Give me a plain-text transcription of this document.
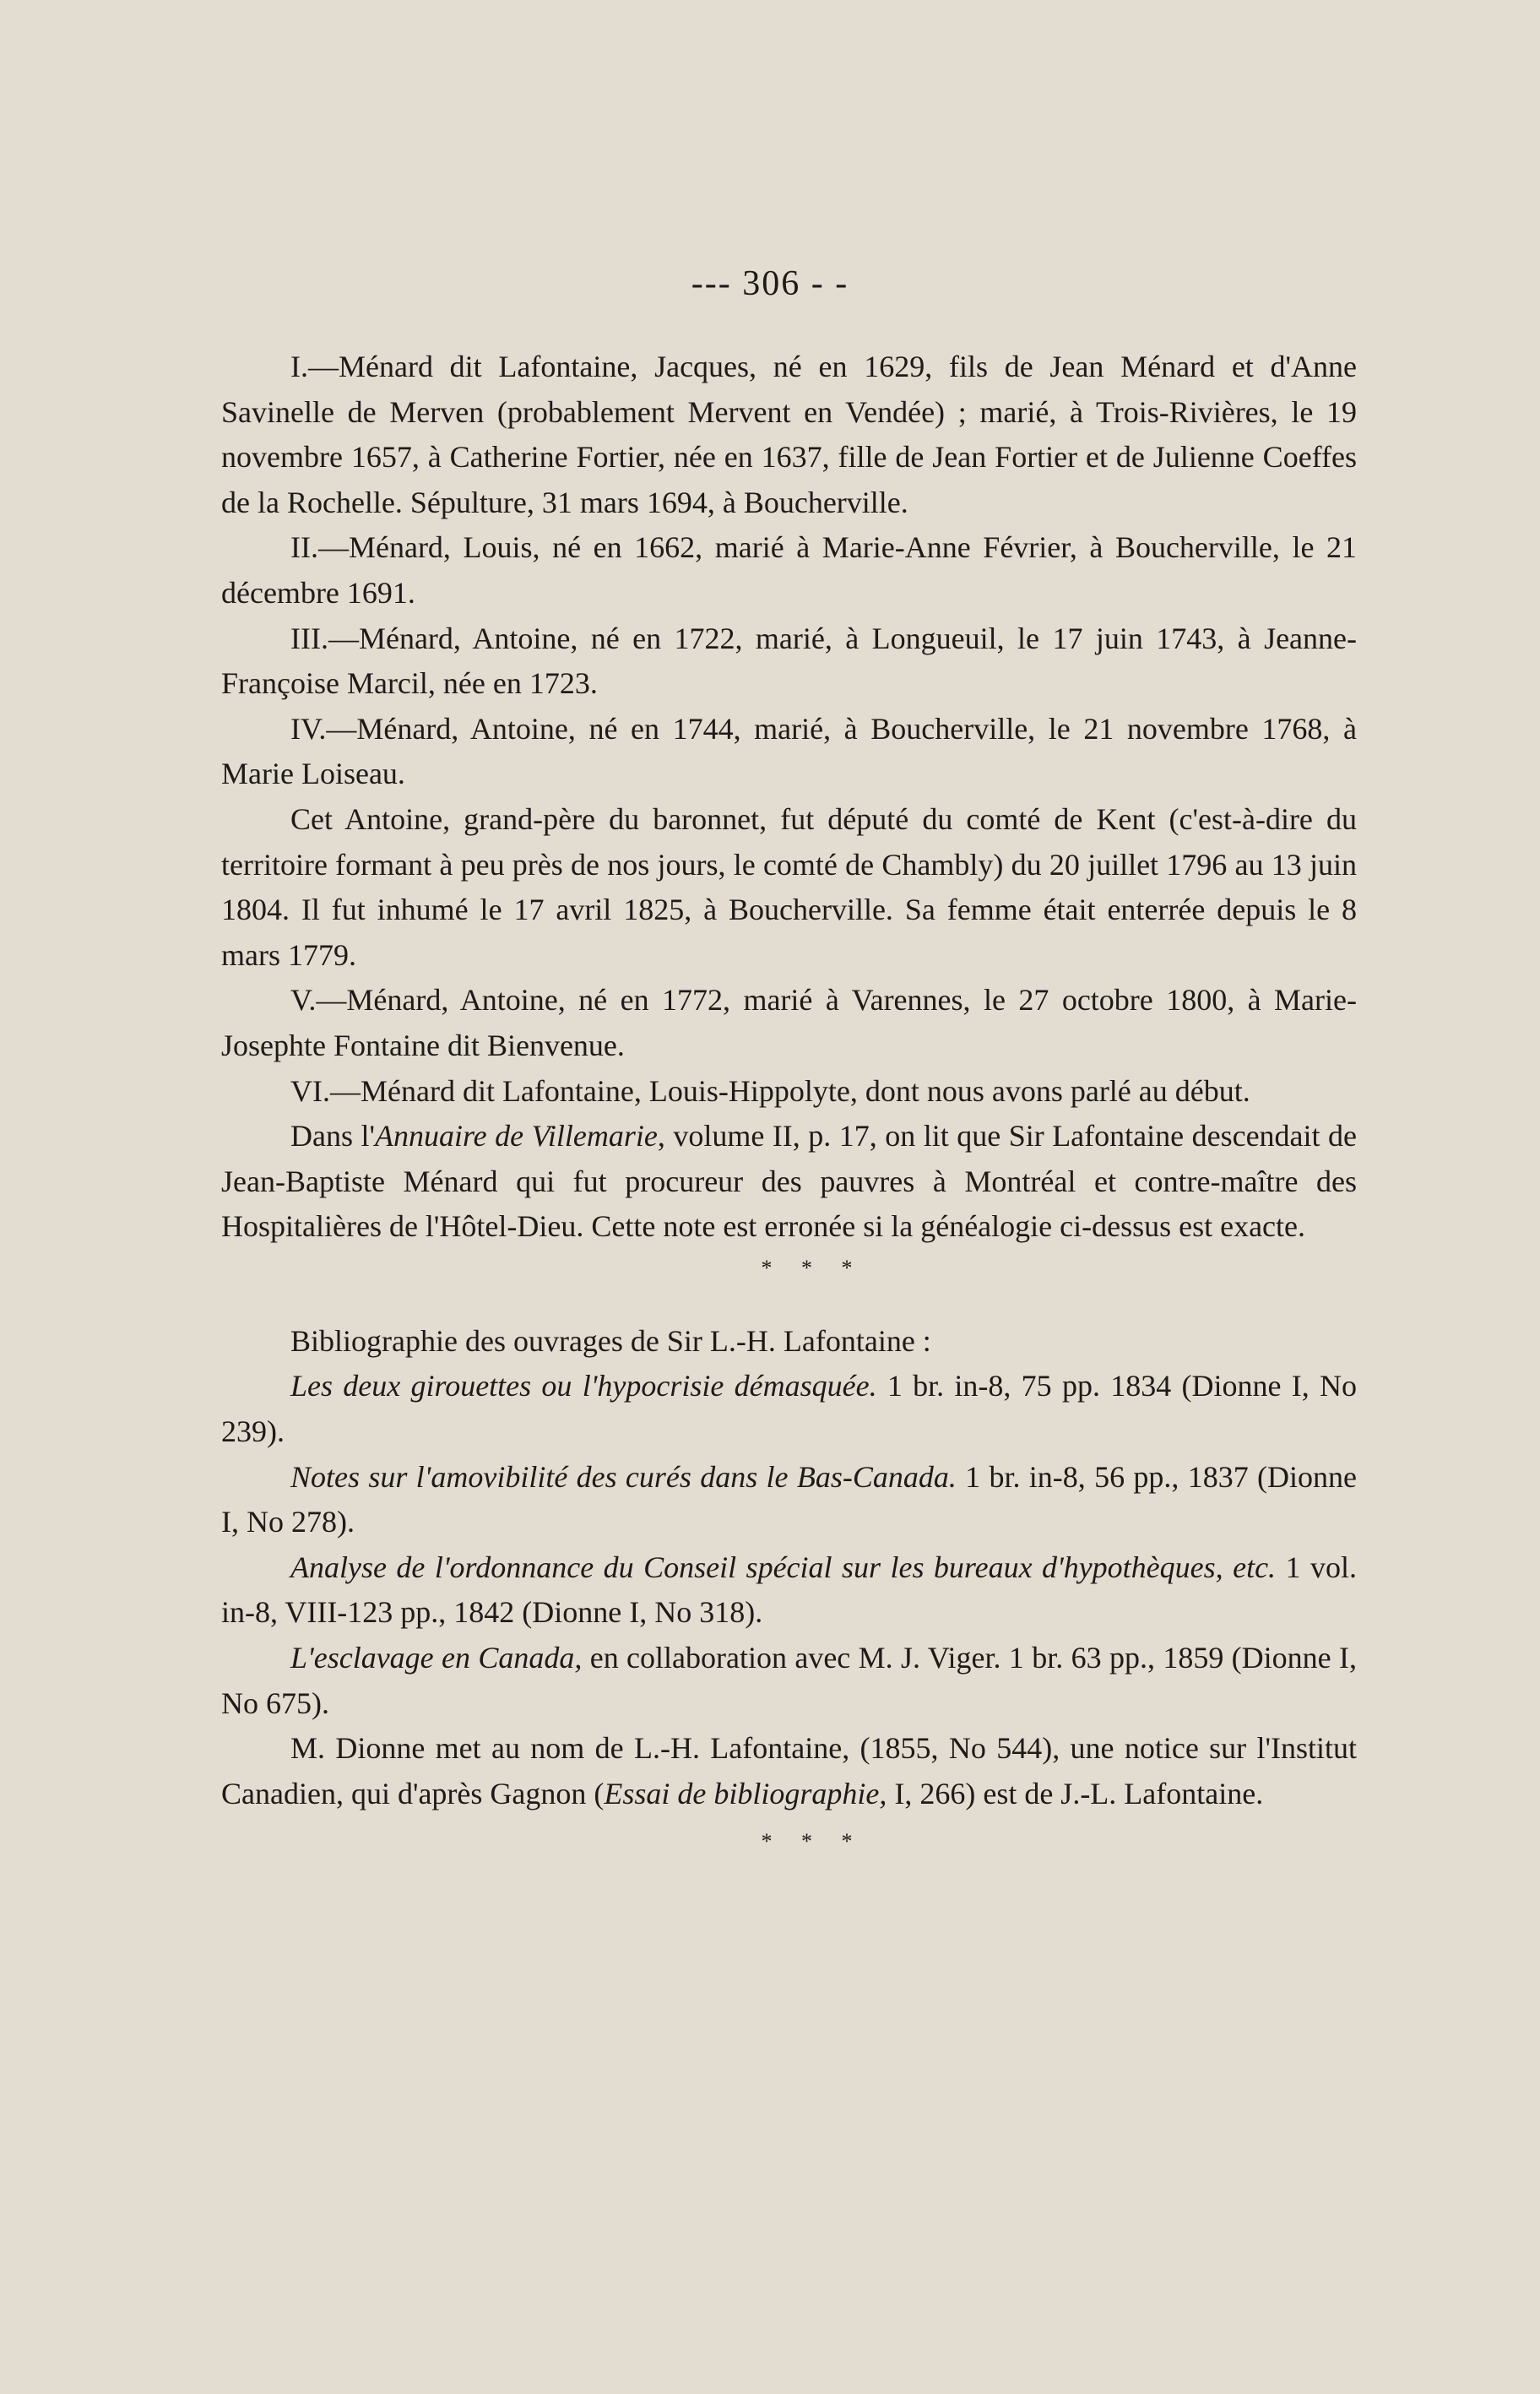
--- 306 - -

I.—Ménard dit Lafontaine, Jacques, né en 1629, fils de Jean Ménard et d'Anne Savinelle de Merven (probablement Mervent en Vendée) ; marié, à Trois-Rivières, le 19 novembre 1657, à Catherine Fortier, née en 1637, fille de Jean Fortier et de Julienne Coeffes de la Rochelle. Sépulture, 31 mars 1694, à Boucherville.

II.—Ménard, Louis, né en 1662, marié à Marie-Anne Février, à Boucherville, le 21 décembre 1691.

III.—Ménard, Antoine, né en 1722, marié, à Longueuil, le 17 juin 1743, à Jeanne-Françoise Marcil, née en 1723.

IV.—Ménard, Antoine, né en 1744, marié, à Boucherville, le 21 novembre 1768, à Marie Loiseau.

Cet Antoine, grand-père du baronnet, fut député du comté de Kent (c'est-à-dire du territoire formant à peu près de nos jours, le comté de Chambly) du 20 juillet 1796 au 13 juin 1804. Il fut inhumé le 17 avril 1825, à Boucherville. Sa femme était enterrée depuis le 8 mars 1779.

V.—Ménard, Antoine, né en 1772, marié à Varennes, le 27 octobre 1800, à Marie-Josephte Fontaine dit Bienvenue.

VI.—Ménard dit Lafontaine, Louis-Hippolyte, dont nous avons parlé au début.

Dans l'Annuaire de Villemarie, volume II, p. 17, on lit que Sir Lafontaine descendait de Jean-Baptiste Ménard qui fut procureur des pauvres à Montréal et contre-maître des Hospitalières de l'Hôtel-Dieu. Cette note est erronée si la généalogie ci-dessus est exacte.

* * *

Bibliographie des ouvrages de Sir L.-H. Lafontaine :

Les deux girouettes ou l'hypocrisie démasquée. 1 br. in-8, 75 pp. 1834 (Dionne I, No 239).

Notes sur l'amovibilité des curés dans le Bas-Canada. 1 br. in-8, 56 pp., 1837 (Dionne I, No 278).

Analyse de l'ordonnance du Conseil spécial sur les bureaux d'hypothèques, etc. 1 vol. in-8, VIII-123 pp., 1842 (Dionne I, No 318).

L'esclavage en Canada, en collaboration avec M. J. Viger. 1 br. 63 pp., 1859 (Dionne I, No 675).

M. Dionne met au nom de L.-H. Lafontaine, (1855, No 544), une notice sur l'Institut Canadien, qui d'après Gagnon (Essai de bibliographie, I, 266) est de J.-L. Lafontaine.

* * *
